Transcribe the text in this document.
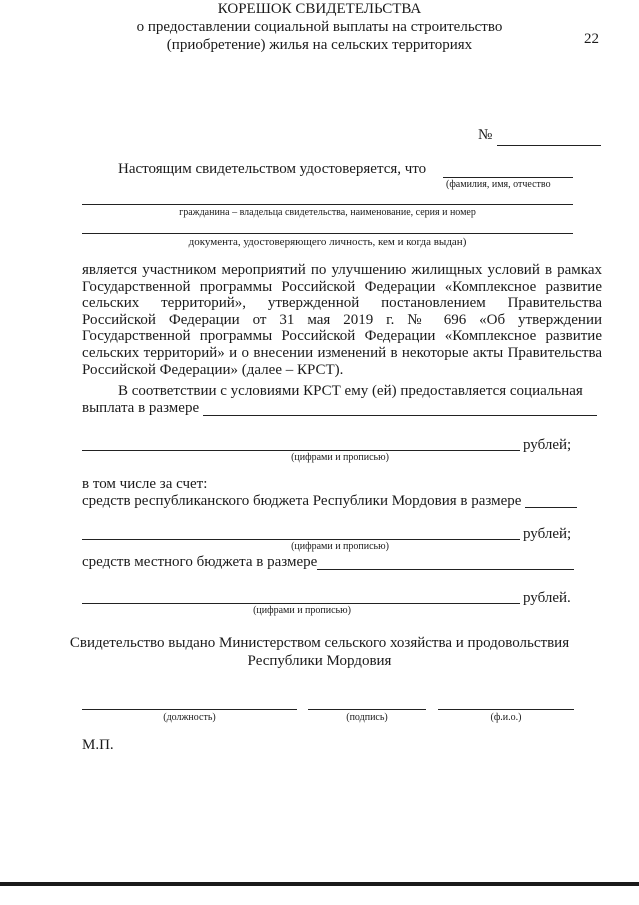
22
КОРЕШОК СВИДЕТЕЛЬСТВА
о предоставлении социальной выплаты на строительство
(приобретение) жилья на сельских территориях
№
Настоящим свидетельством удостоверяется, что
(фамилия, имя, отчество
гражданина – владельца свидетельства, наименование, серия и номер
документа, удостоверяющего личность, кем и когда выдан)
является участником мероприятий по улучшению жилищных условий в рамках Государственной программы Российской Федерации «Комплексное развитие сельских территорий», утвержденной постановлением Правительства Российской Федерации от 31 мая 2019 г. № 696 «Об утверждении Государственной программы Российской Федерации «Комплексное развитие сельских территорий» и о внесении изменений в некоторые акты Правительства Российской Федерации» (далее – КРСТ).
В соответствии с условиями КРСТ ему (ей) предоставляется социальная
выплата в размере
рублей;
(цифрами и прописью)
в том числе за счет:
средств республиканского бюджета Республики Мордовия в размере
рублей;
(цифрами и прописью)
средств местного бюджета в размере
рублей.
(цифрами и прописью)
Свидетельство выдано Министерством сельского хозяйства и продовольствия
Республики Мордовия
(должность)	(подпись)	(ф.и.о.)
М.П.
